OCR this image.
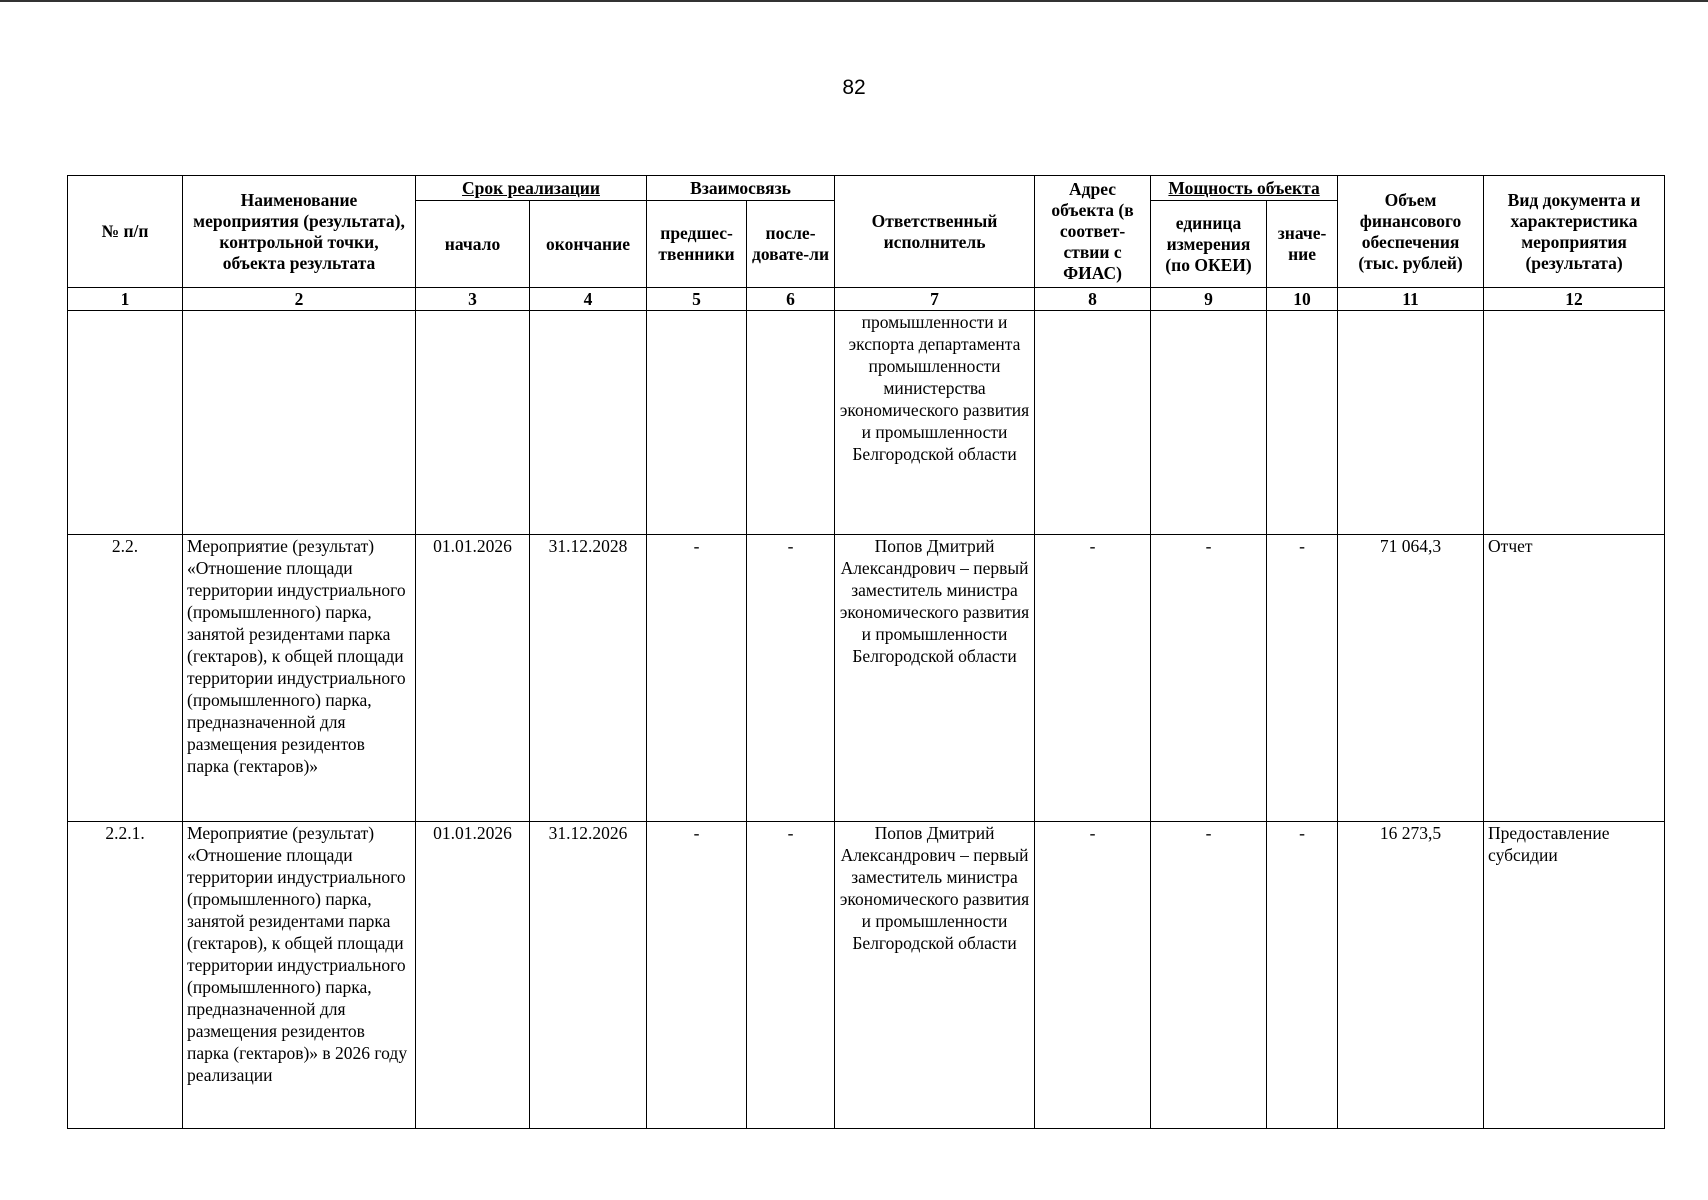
82
№ п/п	Наименование мероприятия (результата), контрольной точки, объекта результата	Срок реализации		Взаимосвязь		Ответственный исполнитель	Адрес объекта (в соответ-ствии с ФИАС)	Мощность объекта		Объем финансового обеспечения (тыс. рублей)	Вид документа и характеристика мероприятия (результата)
		начало	окончание	предшес-твенники	после-довате-ли			единица измерения (по ОКЕИ)	значе-ние		
1	2	3	4	5	6	7	8	9	10	11	12
						промышленности и экспорта департамента промышленности министерства экономического развития и промышленности Белгородской области					
2.2.	Мероприятие (результат) «Отношение площади территории индустриального (промышленного) парка, занятой резидентами парка (гектаров), к общей площади территории индустриального (промышленного) парка, предназначенной для размещения резидентов парка (гектаров)»	01.01.2026	31.12.2028	-	-	Попов Дмитрий Александрович – первый заместитель министра экономического развития и промышленности Белгородской области	-	-	-	71 064,3	Отчет
2.2.1.	Мероприятие (результат) «Отношение площади территории индустриального (промышленного) парка, занятой резидентами парка (гектаров), к общей площади территории индустриального (промышленного) парка, предназначенной для размещения резидентов парка (гектаров)» в 2026 году реализации	01.01.2026	31.12.2026	-	-	Попов Дмитрий Александрович – первый заместитель министра экономического развития и промышленности Белгородской области	-	-	-	16 273,5	Предоставление субсидии
